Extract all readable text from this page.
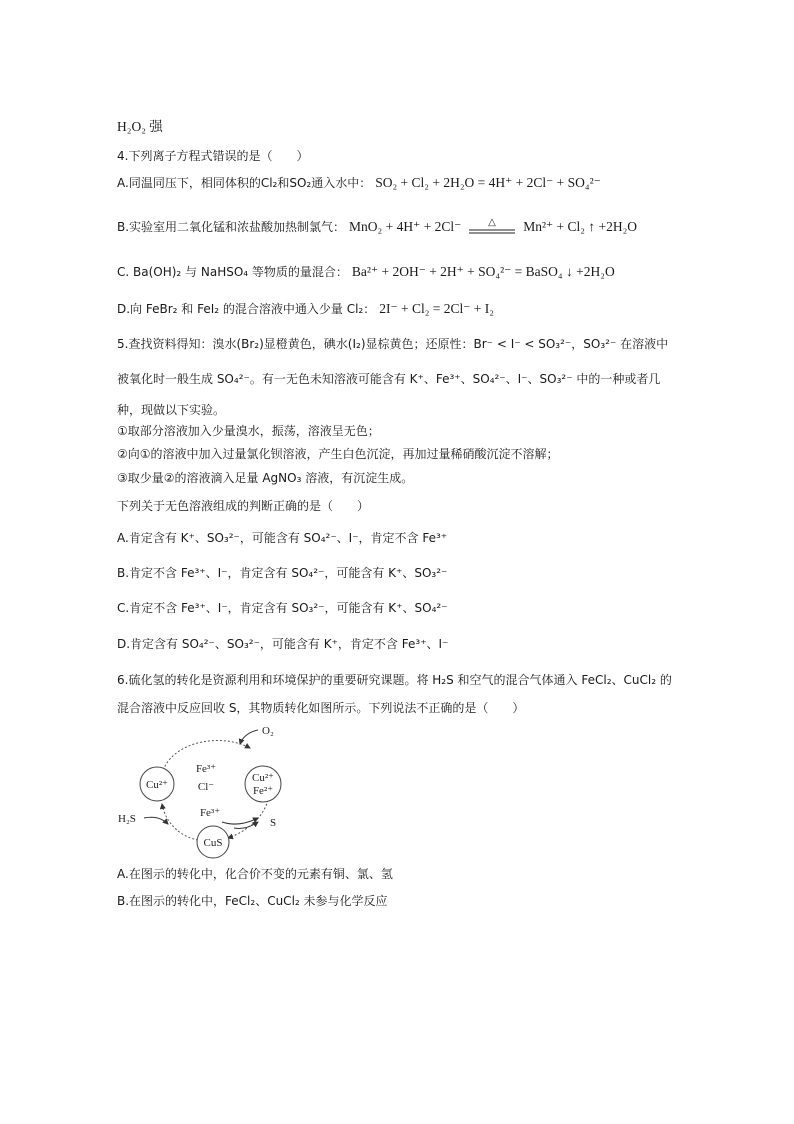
H₂O₂ 强
4.下列离子方程式错误的是（　　）
A.同温同压下，相同体积的Cl₂和SO₂通入水中： SO₂ + Cl₂ + 2H₂O = 4H⁺ + 2Cl⁻ + SO₄²⁻
B.实验室用二氧化锰和浓盐酸加热制氯气： MnO₂ + 4H⁺ + 2Cl⁻	△ Mn²⁺ + Cl₂ ↑ +2H₂O
C. Ba(OH)₂ 与 NaHSO₄ 等物质的量混合： Ba²⁺ + 2OH⁻ + 2H⁺ + SO₄²⁻ = BaSO₄ ↓ +2H₂O
D.向 FeBr₂ 和 FeI₂ 的混合溶液中通入少量 Cl₂： 2I⁻ + Cl₂ = 2Cl⁻ + I₂
5.查找资料得知：溴水(Br₂)显橙黄色，碘水(I₂)显棕黄色；还原性：Br⁻ < I⁻ < SO₃²⁻，SO₃²⁻ 在溶液中
被氧化时一般生成 SO₄²⁻。有一无色未知溶液可能含有 K⁺、Fe³⁺、SO₄²⁻、I⁻、SO₃²⁻ 中的一种或者几
种，现做以下实验。
①取部分溶液加入少量溴水，振荡，溶液呈无色；
②向①的溶液中加入过量氯化钡溶液，产生白色沉淀，再加过量稀硝酸沉淀不溶解；
③取少量②的溶液滴入足量 AgNO₃ 溶液，有沉淀生成。
下列关于无色溶液组成的判断正确的是（　　）
A.肯定含有 K⁺、SO₃²⁻，可能含有 SO₄²⁻、I⁻，肯定不含 Fe³⁺
B.肯定不含 Fe³⁺、I⁻，肯定含有 SO₄²⁻，可能含有 K⁺、SO₃²⁻
C.肯定不含 Fe³⁺、I⁻，肯定含有 SO₃²⁻，可能含有 K⁺、SO₄²⁻
D.肯定含有 SO₄²⁻、SO₃²⁻，可能含有 K⁺，肯定不含 Fe³⁺、I⁻
6.硫化氢的转化是资源利用和环境保护的重要研究课题。将 H₂S 和空气的混合气体通入 FeCl₂、CuCl₂ 的
混合溶液中反应回收 S，其物质转化如图所示。下列说法不正确的是（　　）
Cu²⁺
Cu²⁺
Fe²⁺
CuS
Fe³⁺
Cl⁻
O₂
H₂S	Fe³⁺
S
A.在图示的转化中，化合价不变的元素有铜、氯、氢
B.在图示的转化中，FeCl₂、CuCl₂ 未参与化学反应
